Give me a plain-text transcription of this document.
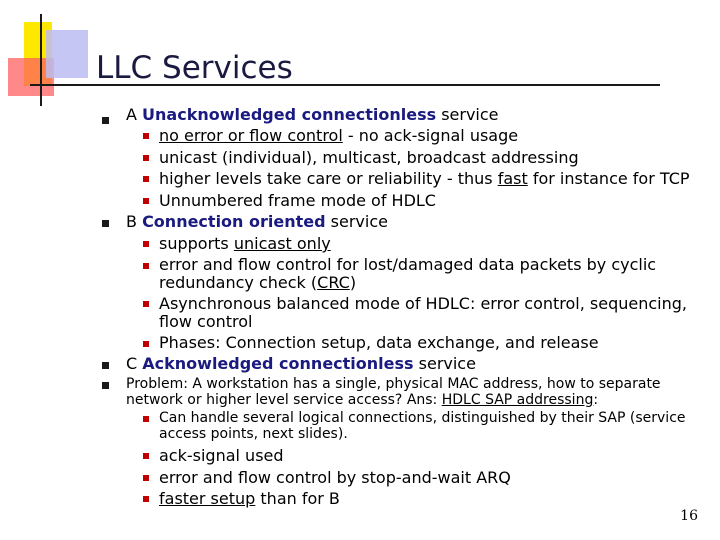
LLC Services
A Unacknowledged connectionless service
no error or flow control - no ack-signal usage
unicast (individual), multicast, broadcast addressing
higher levels take care or reliability - thus fast for instance for TCP
Unnumbered frame mode of HDLC
B Connection oriented service
supports unicast only
error and flow control for lost/damaged data packets by cyclic
redundancy check (CRC)
Asynchronous balanced mode of HDLC: error control, sequencing,
flow control
Phases: Connection setup, data exchange, and release
C Acknowledged connectionless service
Problem: A workstation has a single, physical MAC address, how to separate
network or higher level service access? Ans: HDLC SAP addressing:
Can handle several logical connections, distinguished by their SAP (service
access points, next slides).
ack-signal used
error and flow control by stop-and-wait ARQ
faster setup than for B
16
